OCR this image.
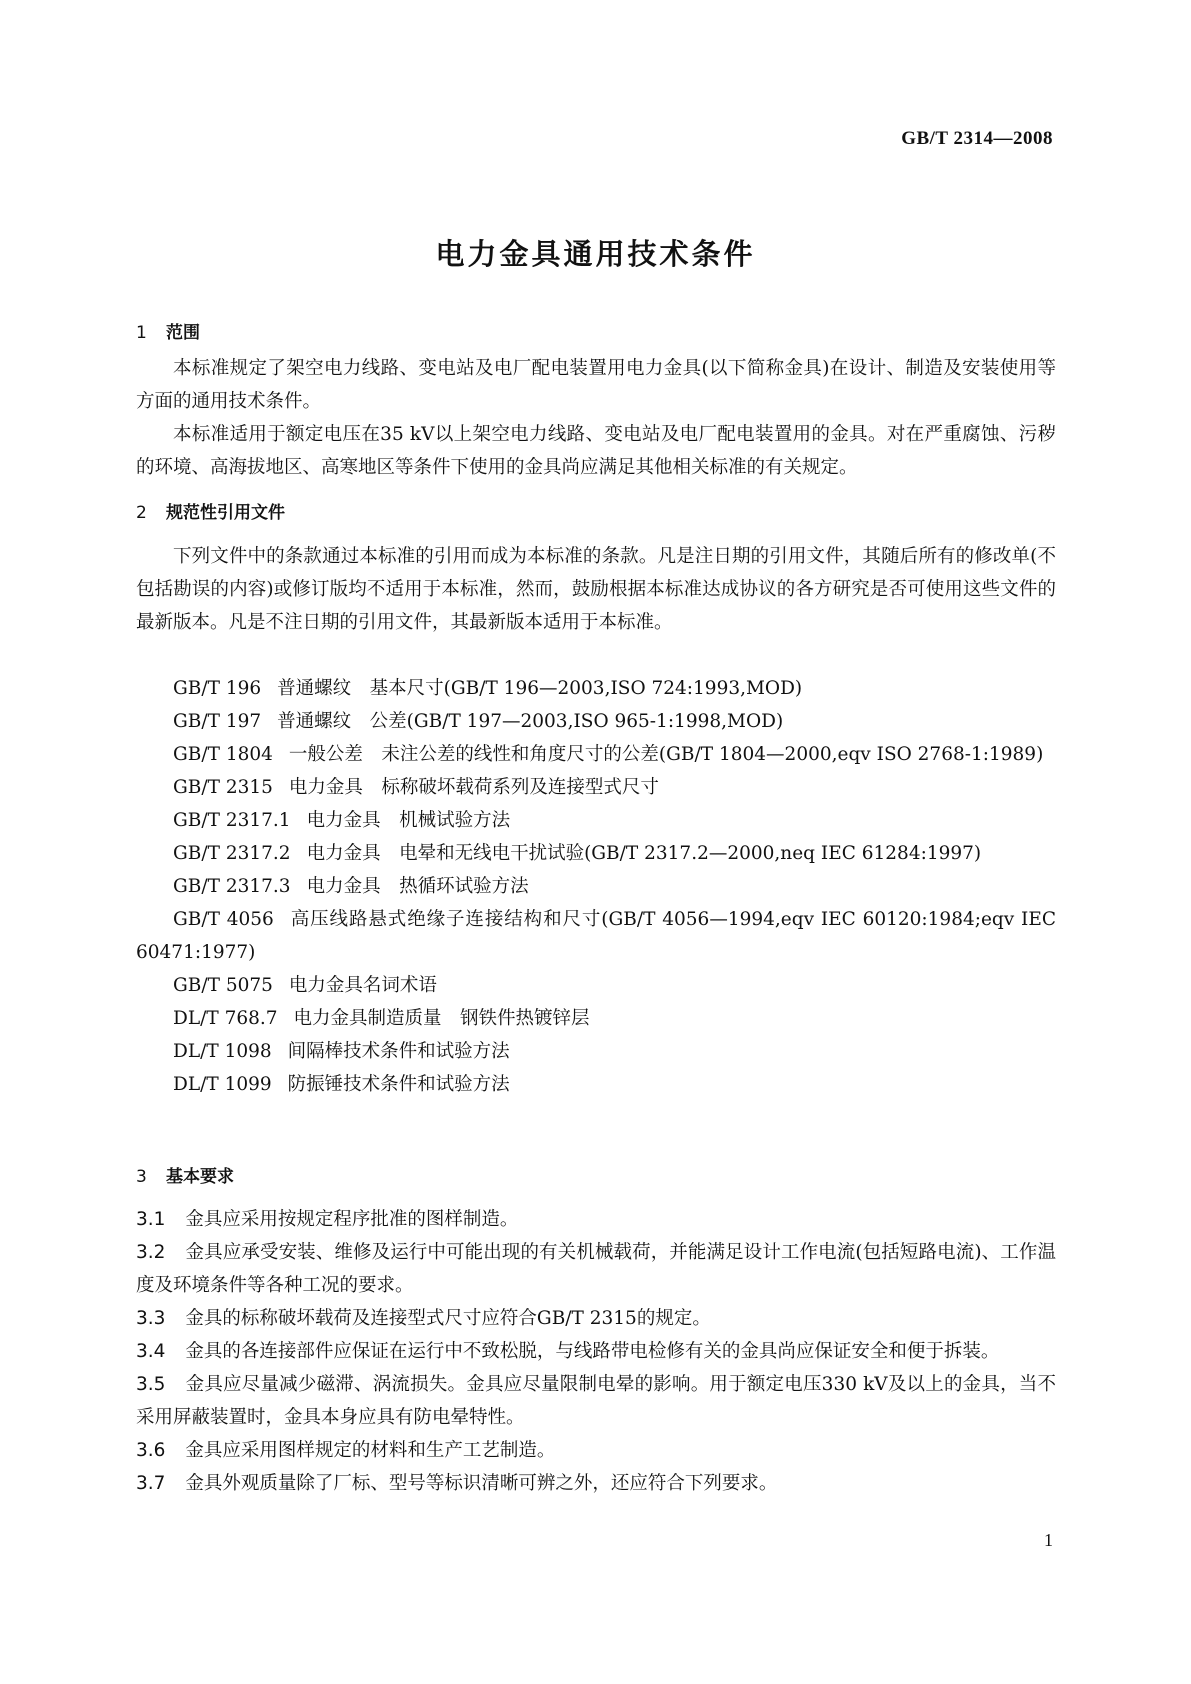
GB/T 2314—2008
电力金具通用技术条件
1 范围
本标准规定了架空电力线路、变电站及电厂配电装置用电力金具(以下简称金具)在设计、制造及安装使用等方面的通用技术条件。
本标准适用于额定电压在35 kV以上架空电力线路、变电站及电厂配电装置用的金具。对在严重腐蚀、污秽的环境、高海拔地区、高寒地区等条件下使用的金具尚应满足其他相关标准的有关规定。
2 规范性引用文件
下列文件中的条款通过本标准的引用而成为本标准的条款。凡是注日期的引用文件，其随后所有的修改单(不包括勘误的内容)或修订版均不适用于本标准，然而，鼓励根据本标准达成协议的各方研究是否可使用这些文件的最新版本。凡是不注日期的引用文件，其最新版本适用于本标准。
GB/T 196 普通螺纹　基本尺寸(GB/T 196—2003,ISO 724:1993,MOD)
GB/T 197 普通螺纹　公差(GB/T 197—2003,ISO 965-1:1998,MOD)
GB/T 1804 一般公差　未注公差的线性和角度尺寸的公差(GB/T 1804—2000,eqv ISO 2768-1:1989)
GB/T 2315 电力金具　标称破坏载荷系列及连接型式尺寸
GB/T 2317.1 电力金具　机械试验方法
GB/T 2317.2 电力金具　电晕和无线电干扰试验(GB/T 2317.2—2000,neq IEC 61284:1997)
GB/T 2317.3 电力金具　热循环试验方法
GB/T 4056 高压线路悬式绝缘子连接结构和尺寸(GB/T 4056—1994,eqv IEC 60120:1984;eqv IEC 60471:1977)
GB/T 5075 电力金具名词术语
DL/T 768.7 电力金具制造质量　钢铁件热镀锌层
DL/T 1098 间隔棒技术条件和试验方法
DL/T 1099 防振锤技术条件和试验方法
3 基本要求
3.1 金具应采用按规定程序批准的图样制造。
3.2 金具应承受安装、维修及运行中可能出现的有关机械载荷，并能满足设计工作电流(包括短路电流)、工作温度及环境条件等各种工况的要求。
3.3 金具的标称破坏载荷及连接型式尺寸应符合GB/T 2315的规定。
3.4 金具的各连接部件应保证在运行中不致松脱，与线路带电检修有关的金具尚应保证安全和便于拆装。
3.5 金具应尽量减少磁滞、涡流损失。金具应尽量限制电晕的影响。用于额定电压330 kV及以上的金具，当不采用屏蔽装置时，金具本身应具有防电晕特性。
3.6 金具应采用图样规定的材料和生产工艺制造。
3.7 金具外观质量除了厂标、型号等标识清晰可辨之外，还应符合下列要求。
1
